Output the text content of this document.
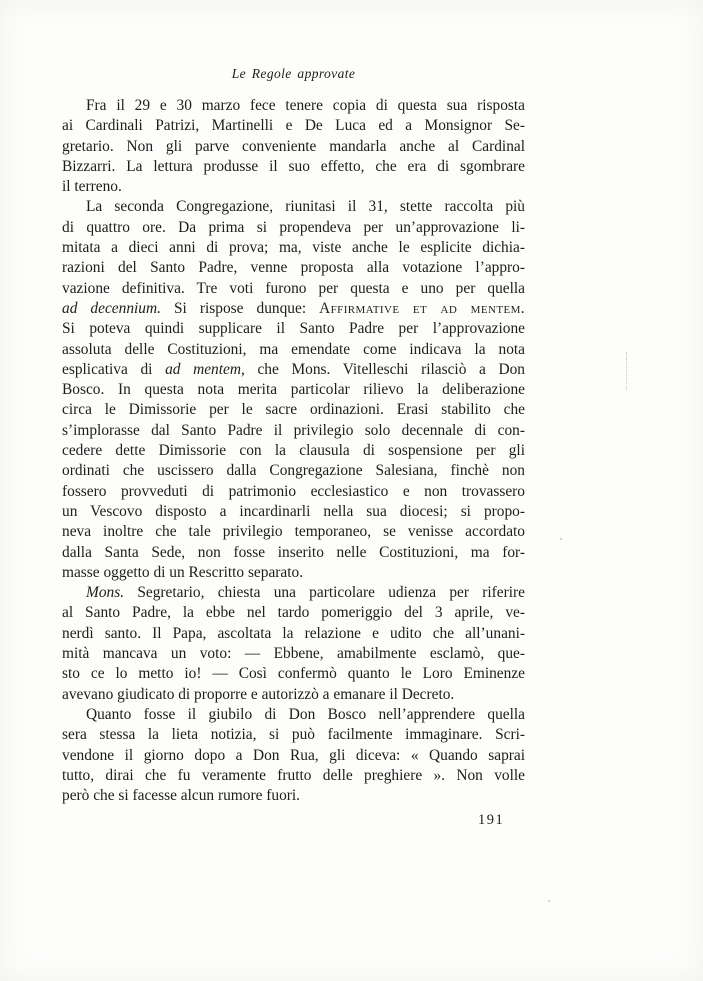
Le Regole approvate
Fra il 29 e 30 marzo fece tenere copia di questa sua risposta
ai Cardinali Patrizi, Martinelli e De Luca ed a Monsignor Se-
gretario. Non gli parve conveniente mandarla anche al Cardinal
Bizzarri. La lettura produsse il suo effetto, che era di sgombrare
il terreno.
La seconda Congregazione, riunitasi il 31, stette raccolta più
di quattro ore. Da prima si propendeva per un’approvazione li-
mitata a dieci anni di prova; ma, viste anche le esplicite dichia-
razioni del Santo Padre, venne proposta alla votazione l’appro-
vazione definitiva. Tre voti furono per questa e uno per quella
ad decennium. Si rispose dunque: Affirmative et ad mentem.
Si poteva quindi supplicare il Santo Padre per l’approvazione
assoluta delle Costituzioni, ma emendate come indicava la nota
esplicativa di ad mentem, che Mons. Vitelleschi rilasciò a Don
Bosco. In questa nota merita particolar rilievo la deliberazione
circa le Dimissorie per le sacre ordinazioni. Erasi stabilito che
s’implorasse dal Santo Padre il privilegio solo decennale di con-
cedere dette Dimissorie con la clausula di sospensione per gli
ordinati che uscissero dalla Congregazione Salesiana, finchè non
fossero provveduti di patrimonio ecclesiastico e non trovassero
un Vescovo disposto a incardinarli nella sua diocesi; si propo-
neva inoltre che tale privilegio temporaneo, se venisse accordato
dalla Santa Sede, non fosse inserito nelle Costituzioni, ma for-
masse oggetto di un Rescritto separato.
Mons. Segretario, chiesta una particolare udienza per riferire
al Santo Padre, la ebbe nel tardo pomeriggio del 3 aprile, ve-
nerdì santo. Il Papa, ascoltata la relazione e udito che all’unani-
mità mancava un voto: — Ebbene, amabilmente esclamò, que-
sto ce lo metto io! — Così confermò quanto le Loro Eminenze
avevano giudicato di proporre e autorizzò a emanare il Decreto.
Quanto fosse il giubilo di Don Bosco nell’apprendere quella
sera stessa la lieta notizia, si può facilmente immaginare. Scri-
vendone il giorno dopo a Don Rua, gli diceva: « Quando saprai
tutto, dirai che fu veramente frutto delle preghiere ». Non volle
però che si facesse alcun rumore fuori.
191
